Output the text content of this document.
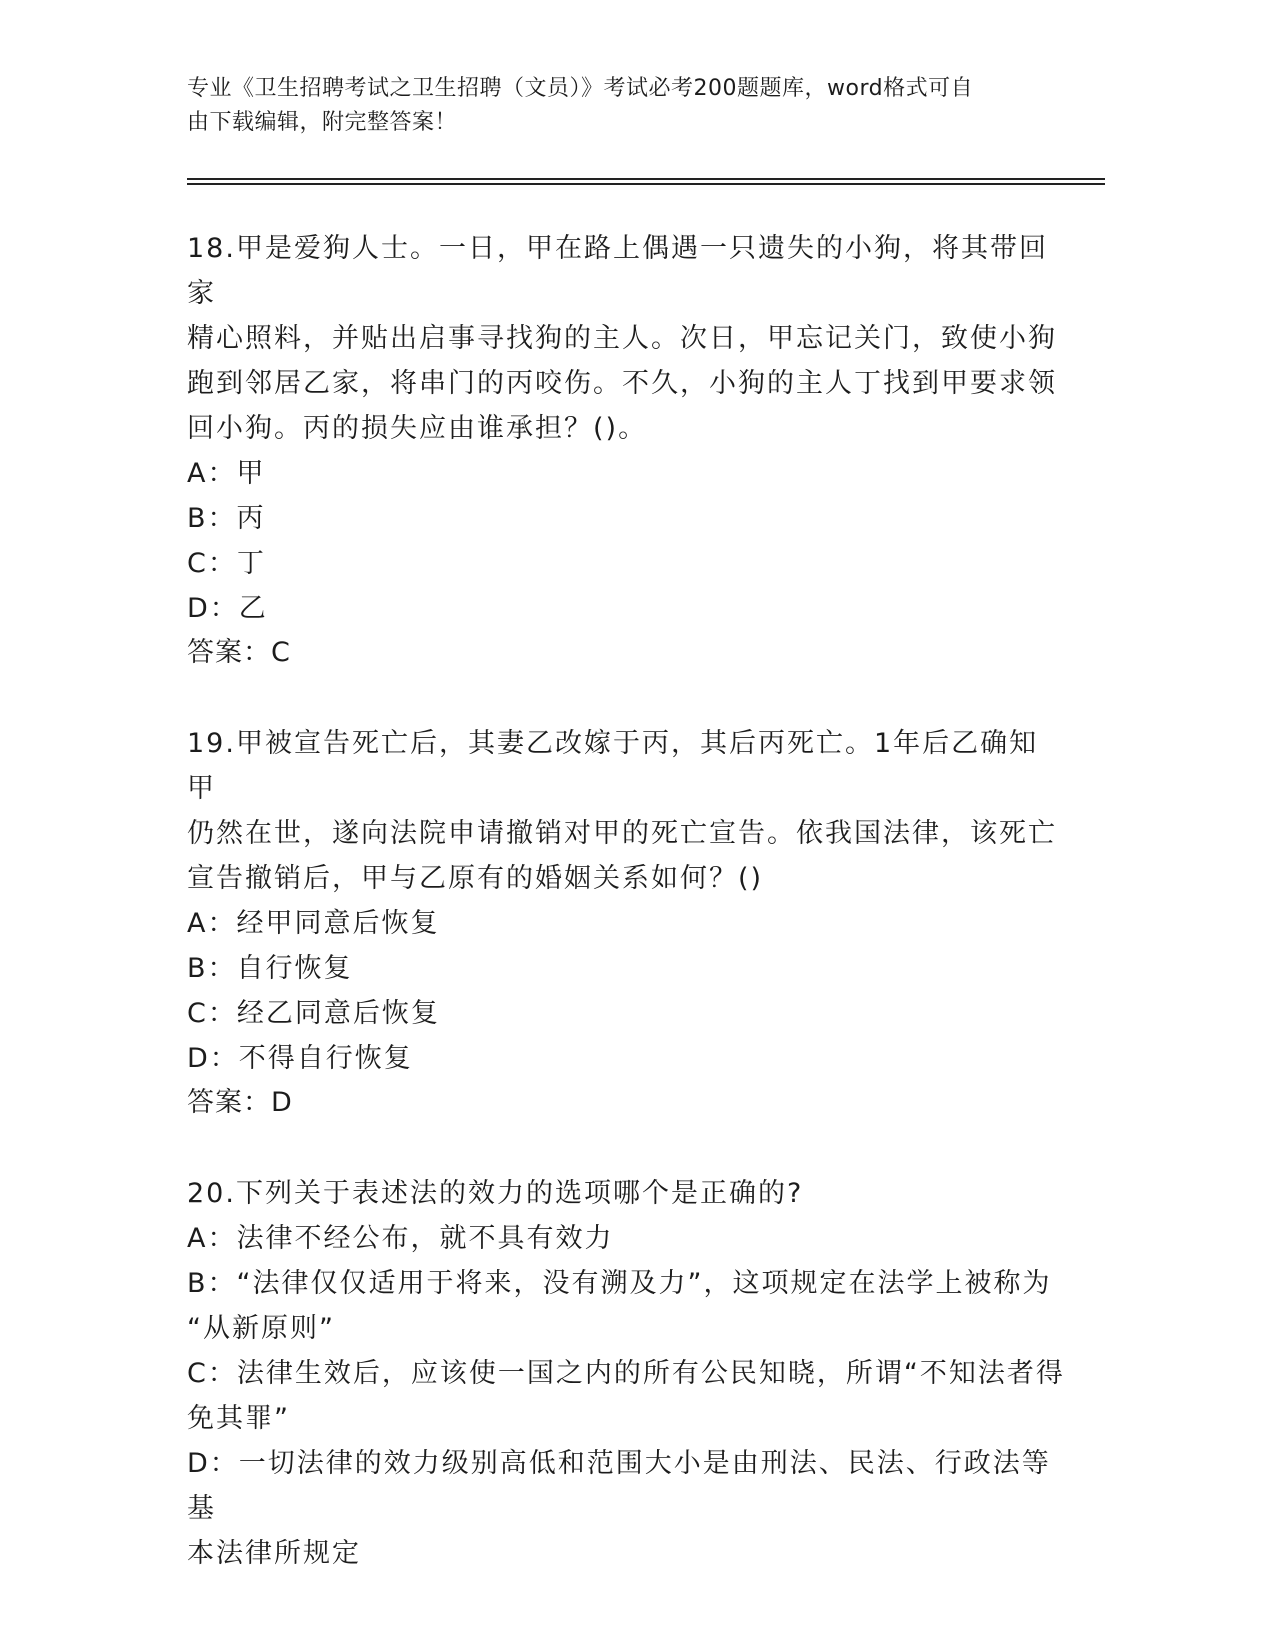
专业《卫生招聘考试之卫生招聘（文员）》考试必考200题题库，word格式可自
由下载编辑，附完整答案！

18.甲是爱狗人士。一日，甲在路上偶遇一只遗失的小狗，将其带回家

精心照料，并贴出启事寻找狗的主人。次日，甲忘记关门，致使小狗

跑到邻居乙家，将串门的丙咬伤。不久，小狗的主人丁找到甲要求领

回小狗。丙的损失应由谁承担？()。

A：甲

B：丙

C：丁

D：乙

答案：C

19.甲被宣告死亡后，其妻乙改嫁于丙，其后丙死亡。1年后乙确知甲

仍然在世，遂向法院申请撤销对甲的死亡宣告。依我国法律，该死亡

宣告撤销后，甲与乙原有的婚姻关系如何？()

A：经甲同意后恢复

B：自行恢复

C：经乙同意后恢复

D：不得自行恢复

答案：D

20.下列关于表述法的效力的选项哪个是正确的?

A：法律不经公布，就不具有效力

B：“法律仅仅适用于将来，没有溯及力”，这项规定在法学上被称为

“从新原则”

C：法律生效后，应该使一国之内的所有公民知晓，所谓“不知法者得

免其罪”

D：一切法律的效力级别高低和范围大小是由刑法、民法、行政法等基

本法律所规定
